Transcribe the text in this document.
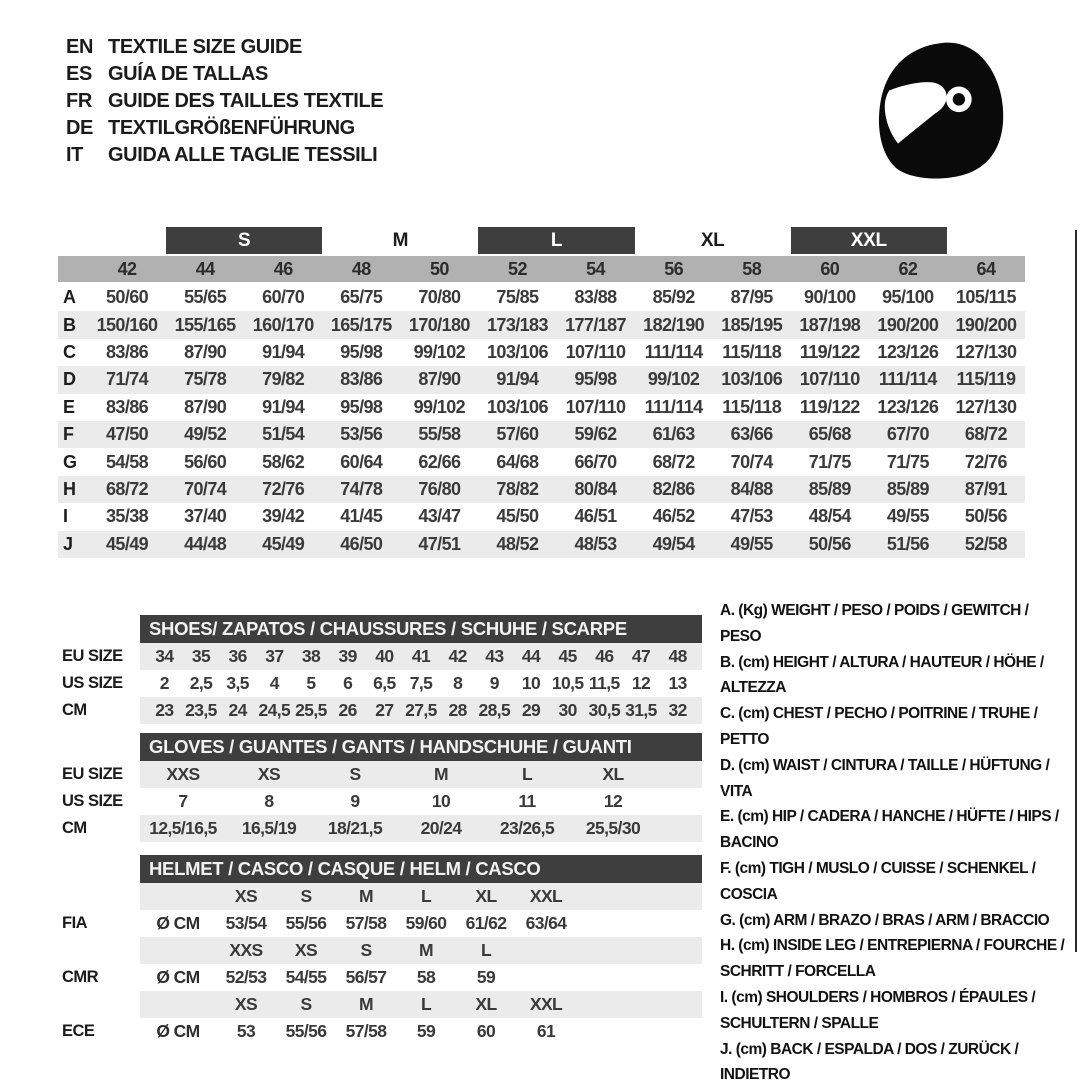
EN TEXTILE SIZE GUIDE
ES GUÍA DE TALLAS
FR GUIDE DES TAILLES TEXTILE
DE TEXTILGRÖßENFÜHRUNG
IT	GUIDA ALLE TAGLIE TESSILI
S	M	L	XL	XXL
42	44	46	48	50	52	54	56	58	60	62	64
A	50/60	55/65	60/70	65/75	70/80	75/85	83/88	85/92	87/95	90/100	95/100	105/115
B	150/160 155/165 160/170 165/175 170/180 173/183 177/187 182/190 185/195 187/198 190/200 190/200
C	83/86	87/90	91/94	95/98	99/102	103/106 107/110	111/114	115/118	119/122 123/126 127/130
D	71/74	75/78	79/82	83/86	87/90	91/94	95/98	99/102	103/106 107/110	111/114	115/119
E	83/86	87/90	91/94	95/98	99/102	103/106 107/110	111/114	115/118	119/122 123/126 127/130
F	47/50	49/52	51/54	53/56	55/58	57/60	59/62	61/63	63/66	65/68	67/70	68/72
G	54/58	56/60	58/62	60/64	62/66	64/68	66/70	68/72	70/74	71/75	71/75	72/76
H	68/72	70/74	72/76	74/78	76/80	78/82	80/84	82/86	84/88	85/89	85/89	87/91
I	35/38	37/40	39/42	41/45	43/47	45/50	46/51	46/52	47/53	48/54	49/55	50/56
J	45/49	44/48	45/49	46/50	47/51	48/52	48/53	49/54	49/55	50/56	51/56	52/58
SHOES/ ZAPATOS / CHAUSSURES / SCHUHE / SCARPE
EU SIZE	34	35	36	37	38	39	40	41	42	43	44	45	46	47	48
US SIZE	2	2,5 3,5	4	5	6	6,5 7,5	8	9	10 10,5 11,5 12	13
CM	23 23,5 24 24,5 25,5 26	27 27,5 28 28,5 29	30 30,5 31,5 32
GLOVES / GUANTES / GANTS / HANDSCHUHE / GUANTI
EU SIZE	XXS	XS	S	M	L	XL
US SIZE	7	8	9	10	11	12
CM	12,5/16,5	16,5/19	18/21,5	20/24	23/26,5	25,5/30
HELMET / CASCO / CASQUE / HELM / CASCO
XS	S	M	L	XL	XXL
FIA	Ø CM	53/54	55/56	57/58	59/60	61/62	63/64
XXS	XS	S	M	L
CMR	Ø CM	52/53	54/55	56/57	58	59
XS	S	M	L	XL	XXL
ECE	Ø CM	53	55/56	57/58	59	60	61
A. (Kg) WEIGHT / PESO / POIDS / GEWITCH / PESO
B. (cm) HEIGHT / ALTURA / HAUTEUR / HÖHE / ALTEZZA
C. (cm) CHEST / PECHO / POITRINE / TRUHE / PETTO
D. (cm) WAIST / CINTURA / TAILLE / HÜFTUNG / VITA
E. (cm) HIP / CADERA / HANCHE / HÜFTE / HIPS / BACINO
F. (cm) TIGH / MUSLO / CUISSE / SCHENKEL / COSCIA
G. (cm) ARM / BRAZO / BRAS / ARM / BRACCIO
H. (cm) INSIDE LEG / ENTREPIERNA / FOURCHE / SCHRITT / FORCELLA
I. (cm) SHOULDERS / HOMBROS / ÉPAULES / SCHULTERN / SPALLE
J. (cm) BACK / ESPALDA / DOS / ZURÜCK / INDIETRO
